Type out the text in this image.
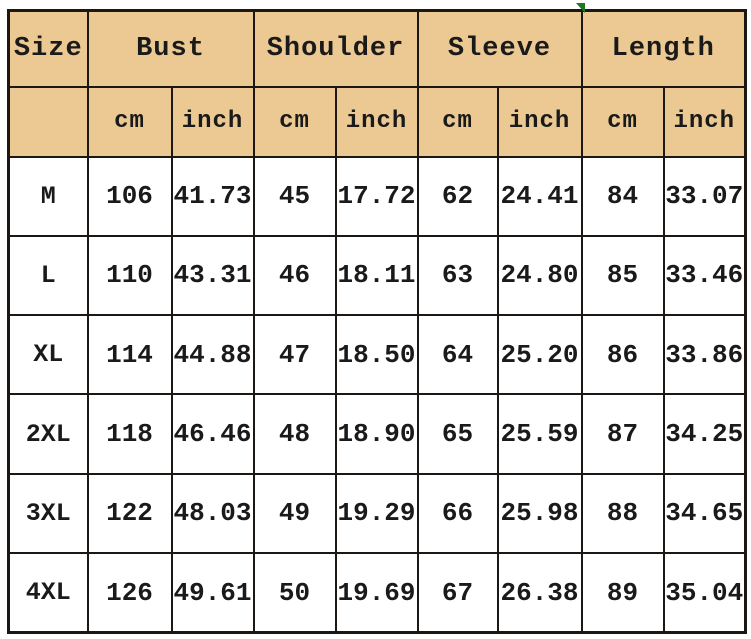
Size	Bust		Shoulder		Sleeve		Length	
	cm	inch	cm	inch	cm	inch	cm	inch
M	106	41.73	45	17.72	62	24.41	84	33.07
L	110	43.31	46	18.11	63	24.80	85	33.46
XL	114	44.88	47	18.50	64	25.20	86	33.86
2XL	118	46.46	48	18.90	65	25.59	87	34.25
3XL	122	48.03	49	19.29	66	25.98	88	34.65
4XL	126	49.61	50	19.69	67	26.38	89	35.04
